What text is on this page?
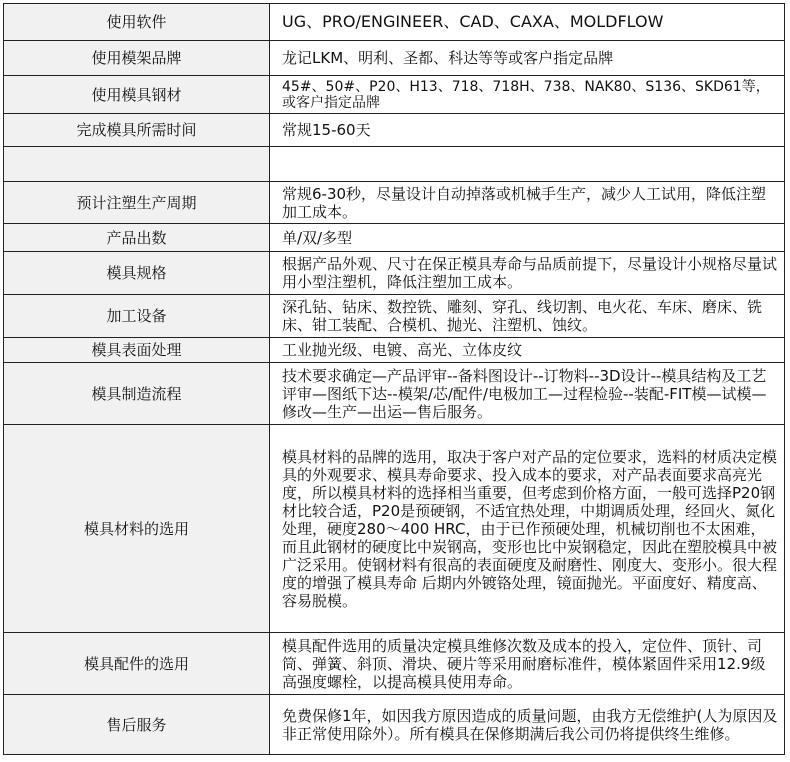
使用软件	UG、PRO/ENGINEER、CAD、CAXA、MOLDFLOW
使用模架品牌	龙记LKM、明利、圣都、科达等等或客户指定品牌
使用模具钢材	45#、50#、P20、H13、718、718H、738、NAK80、S136、SKD61等，或客户指定品牌
完成模具所需时间	常规15-60天

预计注塑生产周期	常规6-30秒，尽量设计自动掉落或机械手生产，减少人工试用，降低注塑加工成本。
产品出数	单/双/多型
模具规格	根据产品外观、尺寸在保正模具寿命与品质前提下，尽量设计小规格尽量试用小型注塑机，降低注塑加工成本。
加工设备	深孔钻、钻床、数控铣、雕刻、穿孔、线切割、电火花、车床、磨床、铣床、钳工装配、合模机、抛光、注塑机、蚀纹。
模具表面处理	工业抛光级、电镀、高光、立体皮纹
模具制造流程	技术要求确定—产品评审--备料图设计--订物料--3D设计--模具结构及工艺评审—图纸下达--模架/芯/配件/电极加工—过程检验--装配-FIT模—试模—修改—生产—出运—售后服务。
模具材料的选用	模具材料的品牌的选用，取决于客户对产品的定位要求，选料的材质决定模具的外观要求、模具寿命要求、投入成本的要求，对产品表面要求高亮光度，所以模具材料的选择相当重要，但考虑到价格方面，一般可选择P20钢材比较合适，P20是预硬钢，不适宜热处理，中期调质处理，经回火、氮化处理，硬度280～400 HRC，由于已作预硬处理，机械切削也不太困难，而且此钢材的硬度比中炭钢高，变形也比中炭钢稳定，因此在塑胶模具中被广泛采用。使钢材料有很高的表面硬度及耐磨性、刚度大、变形小。很大程度的增强了模具寿命 后期内外镀铬处理，镜面抛光。平面度好、精度高、容易脱模。
模具配件的选用	模具配件选用的质量决定模具维修次数及成本的投入，定位件、顶针、司筒、弹簧、斜顶、滑块、硬片等采用耐磨标准件，模体紧固件采用12.9级高强度螺栓，以提高模具使用寿命。
售后服务	免费保修1年，如因我方原因造成的质量问题，由我方无偿维护(人为原因及非正常使用除外）。所有模具在保修期满后我公司仍将提供终生维修。
